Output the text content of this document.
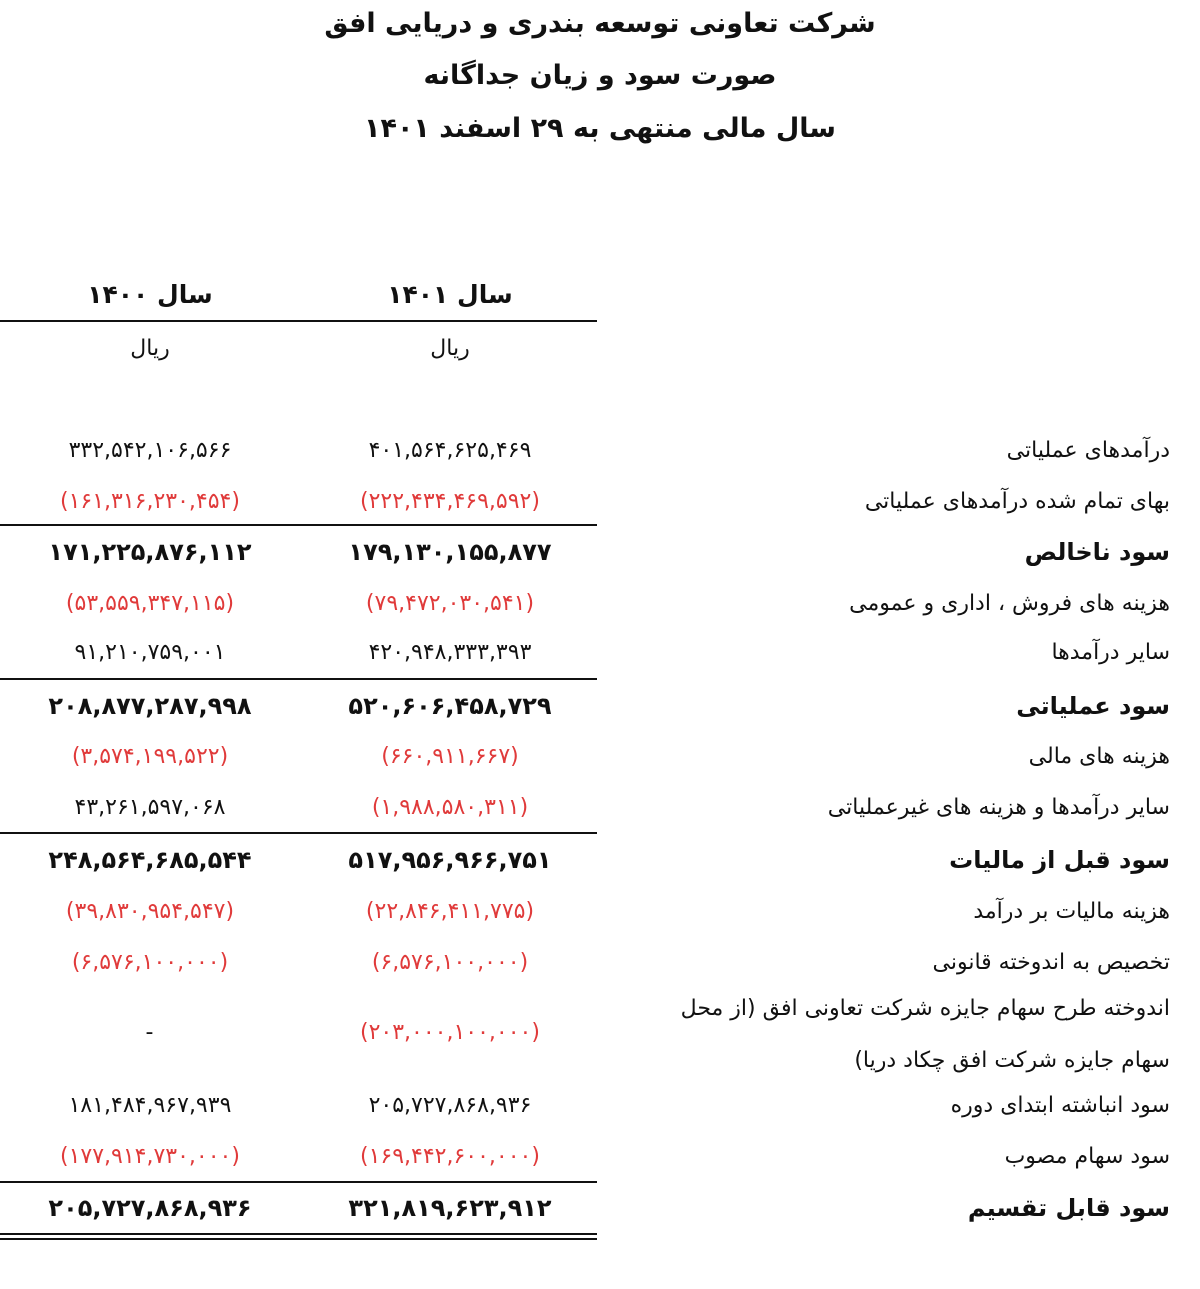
شرکت تعاونی توسعه بندری و دریایی افق
صورت سود و زیان جداگانه
سال مالی منتهی به ۲۹ اسفند ۱۴۰۱
سال ۱۴۰۱
سال ۱۴۰۰
ریال
ریال
درآمدهای عملیاتی
۴۰۱,۵۶۴,۶۲۵,۴۶۹
۳۳۲,۵۴۲,۱۰۶,۵۶۶
بهای تمام شده درآمدهای عملیاتی
(۲۲۲,۴۳۴,۴۶۹,۵۹۲)
(۱۶۱,۳۱۶,۲۳۰,۴۵۴)
سود ناخالص
۱۷۹,۱۳۰,۱۵۵,۸۷۷
۱۷۱,۲۲۵,۸۷۶,۱۱۲
هزینه های فروش ، اداری و عمومی
(۷۹,۴۷۲,۰۳۰,۵۴۱)
(۵۳,۵۵۹,۳۴۷,۱۱۵)
سایر درآمدها
۴۲۰,۹۴۸,۳۳۳,۳۹۳
۹۱,۲۱۰,۷۵۹,۰۰۱
سود عملیاتی
۵۲۰,۶۰۶,۴۵۸,۷۲۹
۲۰۸,۸۷۷,۲۸۷,۹۹۸
هزینه های مالی
(۶۶۰,۹۱۱,۶۶۷)
(۳,۵۷۴,۱۹۹,۵۲۲)
سایر درآمدها و هزینه های غیرعملیاتی
(۱,۹۸۸,۵۸۰,۳۱۱)
۴۳,۲۶۱,۵۹۷,۰۶۸
سود قبل از مالیات
۵۱۷,۹۵۶,۹۶۶,۷۵۱
۲۴۸,۵۶۴,۶۸۵,۵۴۴
هزینه مالیات بر درآمد
(۲۲,۸۴۶,۴۱۱,۷۷۵)
(۳۹,۸۳۰,۹۵۴,۵۴۷)
تخصیص به اندوخته قانونی
(۶,۵۷۶,۱۰۰,۰۰۰)
(۶,۵۷۶,۱۰۰,۰۰۰)
اندوخته طرح سهام جایزه شرکت تعاونی افق (از محل
سهام جایزه شرکت افق چکاد دریا)
(۲۰۳,۰۰۰,۱۰۰,۰۰۰)
-
سود انباشته ابتدای دوره
۲۰۵,۷۲۷,۸۶۸,۹۳۶
۱۸۱,۴۸۴,۹۶۷,۹۳۹
سود سهام مصوب
(۱۶۹,۴۴۲,۶۰۰,۰۰۰)
(۱۷۷,۹۱۴,۷۳۰,۰۰۰)
سود قابل تقسیم
۳۲۱,۸۱۹,۶۲۳,۹۱۲
۲۰۵,۷۲۷,۸۶۸,۹۳۶
